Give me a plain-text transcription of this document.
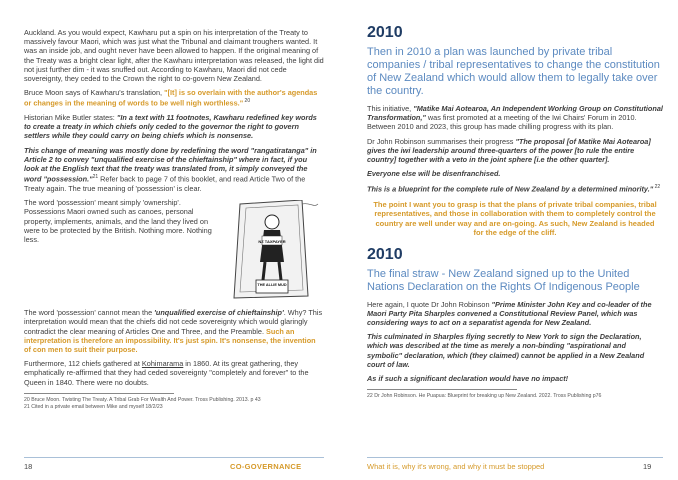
Auckland. As you would expect, Kawharu put a spin on his interpretation of the Treaty to massively favour Maori, which was just what the Tribunal and claimant troughers wanted. It was an inside job, and ought never have been allowed to happen. If the original meaning of the Treaty was a bright clear light, after the Kawharu interpretation was released, the light did not just further dim - it was snuffed out. According to Kawharu, Maori did not cede sovereignty, they ceded to the Crown the right to co-govern New Zealand.

Bruce Moon says of Kawharu's translation, "[It] is so overlain with the author's agendas or changes in the meaning of words to be well nigh worthless." $^{20}$

Historian Mike Butler states: "In a text with 11 footnotes, Kawharu redefined key words to create a treaty in which chiefs only ceded to the governor the right to govern settlers while they could carry on being chiefs which is nonsense.

This change of meaning was mostly done by redefining the word "rangatiratanga" in Article 2 to convey "unqualified exercise of the chieftainship" where in fact, if you look at the English text that the treaty was translated from, it simply conveyed the word "possession."$^{21}$ Refer back to page 7 of this booklet, and read Article Two of the Treaty again. The true meaning of 'possession' is clear.

The word 'possession' meant simply 'ownership'. Possessions Maori owned such as canoes, personal property, implements, animals, and the land they lived on were to be protected by the British. Nothing more. Nothing less.	NZ TAXPAYER
THE ALLIE MUD

The word 'possession' cannot mean the 'unqualified exercise of chieftainship'. Why? This interpretation would mean that the chiefs did not cede sovereignty which would glaringly contradict the clear meaning of Articles One and Three, and the Preamble. Such an interpretation is therefore an impossibility. It's just spin. It's nonsense, the invention of con men to suit their purpose.

Furthermore, 112 chiefs gathered at Kohimarama in 1860. At its great gathering, they emphatically re-affirmed that they had ceded sovereignty "completely and forever" to the Queen in 1840. There were no doubts.

20 Bruce Moon. Twisting The Treaty. A Tribal Grab For Wealth And Power. Tross Publishing. 2013. p 43

21 Cited in a private email between Mike and myself 18/2/23

18	CO-GOVERNANCE
2010

Then in 2010 a plan was launched by private tribal companies / tribal representatives to change the constitution of New Zealand which would allow them to legally take over the country.

This initiative, "Matike Mai Aotearoa, An Independent Working Group on Constitutional Transformation," was first promoted at a meeting of the Iwi Chairs' Forum in 2010. Between 2010 and 2023, this group has made chilling progress with its plan.

Dr John Robinson summarises their progress "The proposal [of Matike Mai Aotearoa] gives the iwi leadership around three-quarters of the power [to rule the entire country] together with a veto in the joint sphere [i.e the other quarter].

Everyone else will be disenfranchised.

This is a blueprint for the complete rule of New Zealand by a determined minority." $^{22}$

The point I want you to grasp is that the plans of private tribal companies, tribal representatives, and those in collaboration with them to completely control the country are well under way and are on-going. As such, New Zealand is headed for the edge of the cliff.

2010

The final straw - New Zealand signed up to the United Nations Declaration on the Rights Of Indigenous People

Here again, I quote Dr John Robinson "Prime Minister John Key and co-leader of the Maori Party Pita Sharples convened a Constitutional Review Panel, which was considering ways to act on a separatist agenda for New Zealand.

This culminated in Sharples flying secretly to New York to sign the Declaration, which was described at the time as merely a non-binding "aspirational and symbolic" declaration, which (they claimed) cannot be applied in a New Zealand court of law.

As if such a significant declaration would have no impact!

22 Dr John Robinson. He Puapua: Blueprint for breaking up New Zealand. 2022. Tross Publishing p76

What it is, why it's wrong, and why it must be stopped	19
